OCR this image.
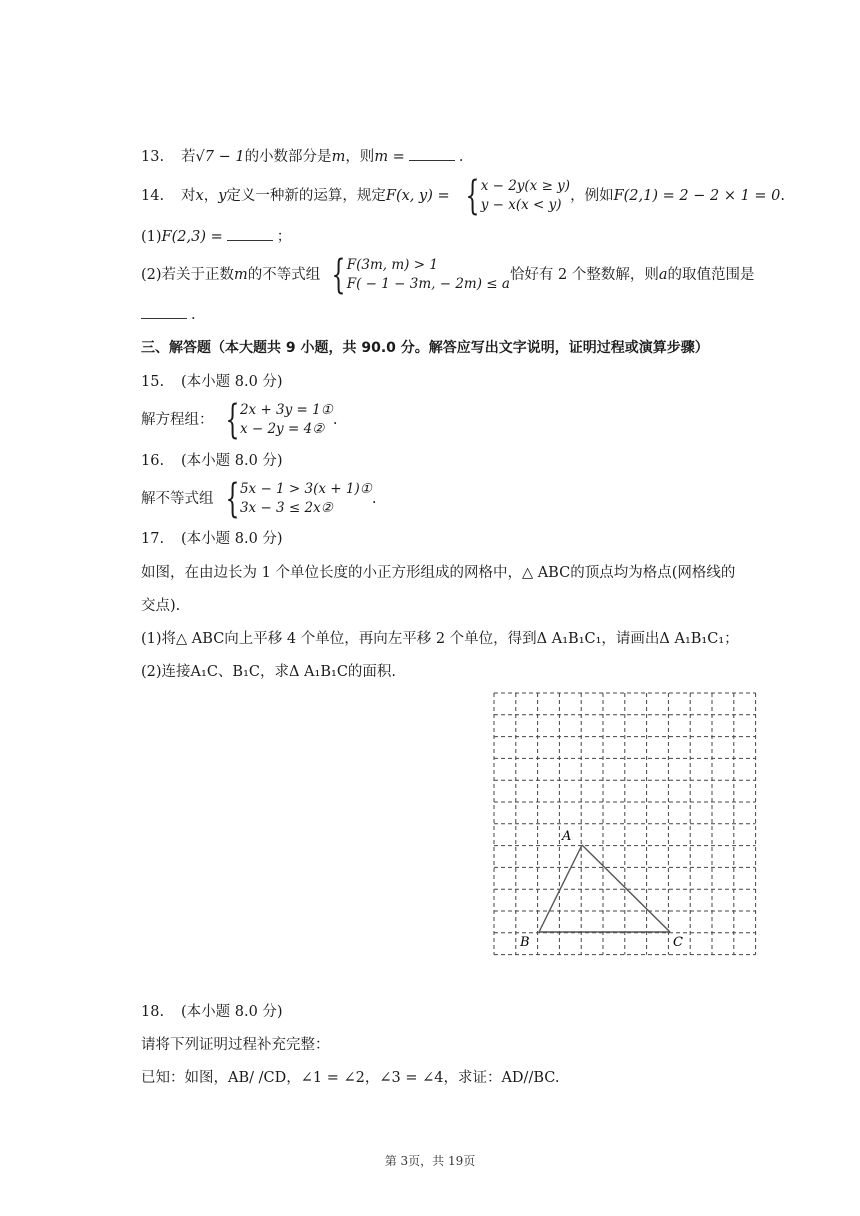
13. 若√7 − 1的小数部分是m，则m =	.
14. 对x，y定义一种新的运算，规定F(x, y) = { x − 2y(x ≥ y)
y − x(x < y)
，例如F(2,1) = 2 − 2 × 1 = 0.
(1)F(2,3) =	；
(2)若关于正数m的不等式组 { F(3m, m) > 1
F( − 1 − 3m, − 2m) ≤ a
恰好有 2 个整数解，则a的取值范围是
.
三、解答题（本大题共 9 小题，共 90.0 分。解答应写出文字说明，证明过程或演算步骤）
15. (本小题 8.0 分)
解方程组： { 2x + 3y = 1①
x − 2y = 4②
.
16. (本小题 8.0 分)
解不等式组 { 5x − 1 > 3(x + 1)①
3x − 3 ≤ 2x②
.
17. (本小题 8.0 分)
如图，在由边长为 1 个单位长度的小正方形组成的网格中，△ ABC的顶点均为格点(网格线的
交点).
(1)将△ ABC向上平移 4 个单位，再向左平移 2 个单位，得到Δ A₁B₁C₁，请画出Δ A₁B₁C₁；
(2)连接A₁C、B₁C，求Δ A₁B₁C的面积.
A
B	C
18. (本小题 8.0 分)
请将下列证明过程补充完整：
已知：如图，AB/ /CD，∠1 = ∠2，∠3 = ∠4，求证：AD//BC.
第 3页，共 19页
